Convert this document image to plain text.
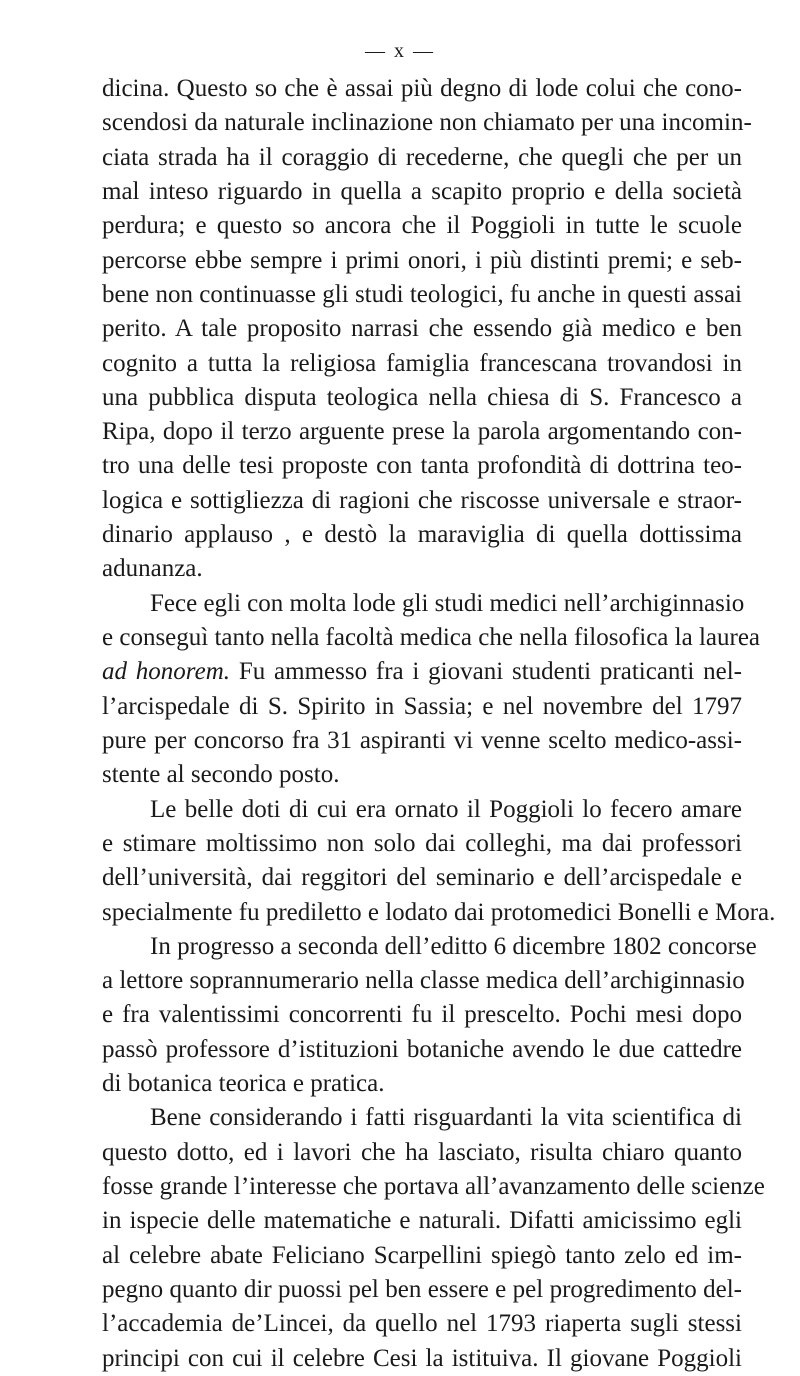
— x —
dicina. Questo so che è assai più degno di lode colui che cono-
scendosi da naturale inclinazione non chiamato per una incomin-
ciata strada ha il coraggio di recederne, che quegli che per un
mal inteso riguardo in quella a scapito proprio e della società
perdura; e questo so ancora che il Poggioli in tutte le scuole
percorse ebbe sempre i primi onori, i più distinti premi; e seb-
bene non continuasse gli studi teologici, fu anche in questi assai
perito. A tale proposito narrasi che essendo già medico e ben
cognito a tutta la religiosa famiglia francescana trovandosi in
una pubblica disputa teologica nella chiesa di S. Francesco a
Ripa, dopo il terzo arguente prese la parola argomentando con-
tro una delle tesi proposte con tanta profondità di dottrina teo-
logica e sottigliezza di ragioni che riscosse universale e straor-
dinario applauso , e destò la maraviglia di quella dottissima
adunanza.
Fece egli con molta lode gli studi medici nell’archiginnasio
e conseguì tanto nella facoltà medica che nella filosofica la laurea
ad honorem. Fu ammesso fra i giovani studenti praticanti nel-
l’arcispedale di S. Spirito in Sassia; e nel novembre del 1797
pure per concorso fra 31 aspiranti vi venne scelto medico-assi-
stente al secondo posto.
Le belle doti di cui era ornato il Poggioli lo fecero amare
e stimare moltissimo non solo dai colleghi, ma dai professori
dell’università, dai reggitori del seminario e dell’arcispedale e
specialmente fu prediletto e lodato dai protomedici Bonelli e Mora.
In progresso a seconda dell’editto 6 dicembre 1802 concorse
a lettore soprannumerario nella classe medica dell’archiginnasio
e fra valentissimi concorrenti fu il prescelto. Pochi mesi dopo
passò professore d’istituzioni botaniche avendo le due cattedre
di botanica teorica e pratica.
Bene considerando i fatti risguardanti la vita scientifica di
questo dotto, ed i lavori che ha lasciato, risulta chiaro quanto
fosse grande l’interesse che portava all’avanzamento delle scienze
in ispecie delle matematiche e naturali. Difatti amicissimo egli
al celebre abate Feliciano Scarpellini spiegò tanto zelo ed im-
pegno quanto dir puossi pel ben essere e pel progredimento del-
l’accademia de’Lincei, da quello nel 1793 riaperta sugli stessi
principi con cui il celebre Cesi la istituiva. Il giovane Poggioli
